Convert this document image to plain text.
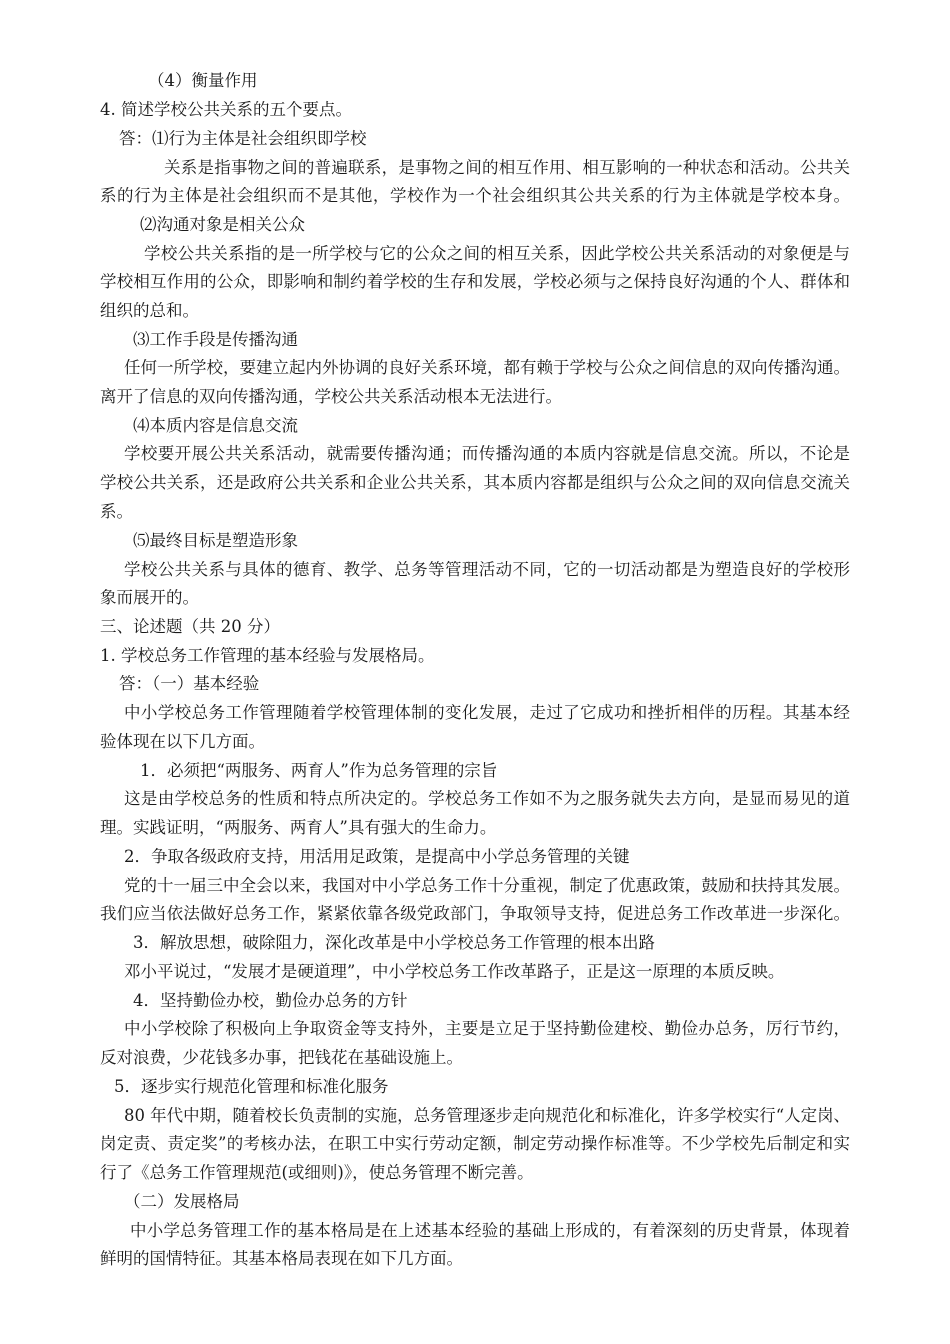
（4）衡量作用

4. 简述学校公共关系的五个要点。

答：⑴行为主体是社会组织即学校

关系是指事物之间的普遍联系，是事物之间的相互作用、相互影响的一种状态和活动。公共关

系的行为主体是社会组织而不是其他，学校作为一个社会组织其公共关系的行为主体就是学校本身。

⑵沟通对象是相关公众

学校公共关系指的是一所学校与它的公众之间的相互关系，因此学校公共关系活动的对象便是与

学校相互作用的公众，即影响和制约着学校的生存和发展，学校必须与之保持良好沟通的个人、群体和

组织的总和。

⑶工作手段是传播沟通

任何一所学校，要建立起内外协调的良好关系环境，都有赖于学校与公众之间信息的双向传播沟通。

离开了信息的双向传播沟通，学校公共关系活动根本无法进行。

⑷本质内容是信息交流

学校要开展公共关系活动，就需要传播沟通；而传播沟通的本质内容就是信息交流。所以，不论是

学校公共关系，还是政府公共关系和企业公共关系，其本质内容都是组织与公众之间的双向信息交流关

系。

⑸最终目标是塑造形象

学校公共关系与具体的德育、教学、总务等管理活动不同，它的一切活动都是为塑造良好的学校形

象而展开的。

三、论述题（共 20 分）

1. 学校总务工作管理的基本经验与发展格局。

答：（一）基本经验

中小学校总务工作管理随着学校管理体制的变化发展，走过了它成功和挫折相伴的历程。其基本经

验体现在以下几方面。

1．必须把“两服务、两育人”作为总务管理的宗旨

这是由学校总务的性质和特点所决定的。学校总务工作如不为之服务就失去方向，是显而易见的道

理。实践证明，“两服务、两育人”具有强大的生命力。

2．争取各级政府支持，用活用足政策，是提高中小学总务管理的关键

党的十一届三中全会以来，我国对中小学总务工作十分重视，制定了优惠政策，鼓励和扶持其发展。

我们应当依法做好总务工作，紧紧依靠各级党政部门，争取领导支持，促进总务工作改革进一步深化。

3．解放思想，破除阻力，深化改革是中小学校总务工作管理的根本出路

邓小平说过，“发展才是硬道理”，中小学校总务工作改革路子，正是这一原理的本质反映。

4．坚持勤俭办校，勤俭办总务的方针

中小学校除了积极向上争取资金等支持外，主要是立足于坚持勤俭建校、勤俭办总务，厉行节约，

反对浪费，少花钱多办事，把钱花在基础设施上。

5．逐步实行规范化管理和标准化服务

80 年代中期，随着校长负责制的实施，总务管理逐步走向规范化和标准化，许多学校实行“人定岗、

岗定责、责定奖”的考核办法，在职工中实行劳动定额，制定劳动操作标准等。不少学校先后制定和实

行了《总务工作管理规范(或细则)》，使总务管理不断完善。

（二）发展格局

中小学总务管理工作的基本格局是在上述基本经验的基础上形成的，有着深刻的历史背景，体现着

鲜明的国情特征。其基本格局表现在如下几方面。
